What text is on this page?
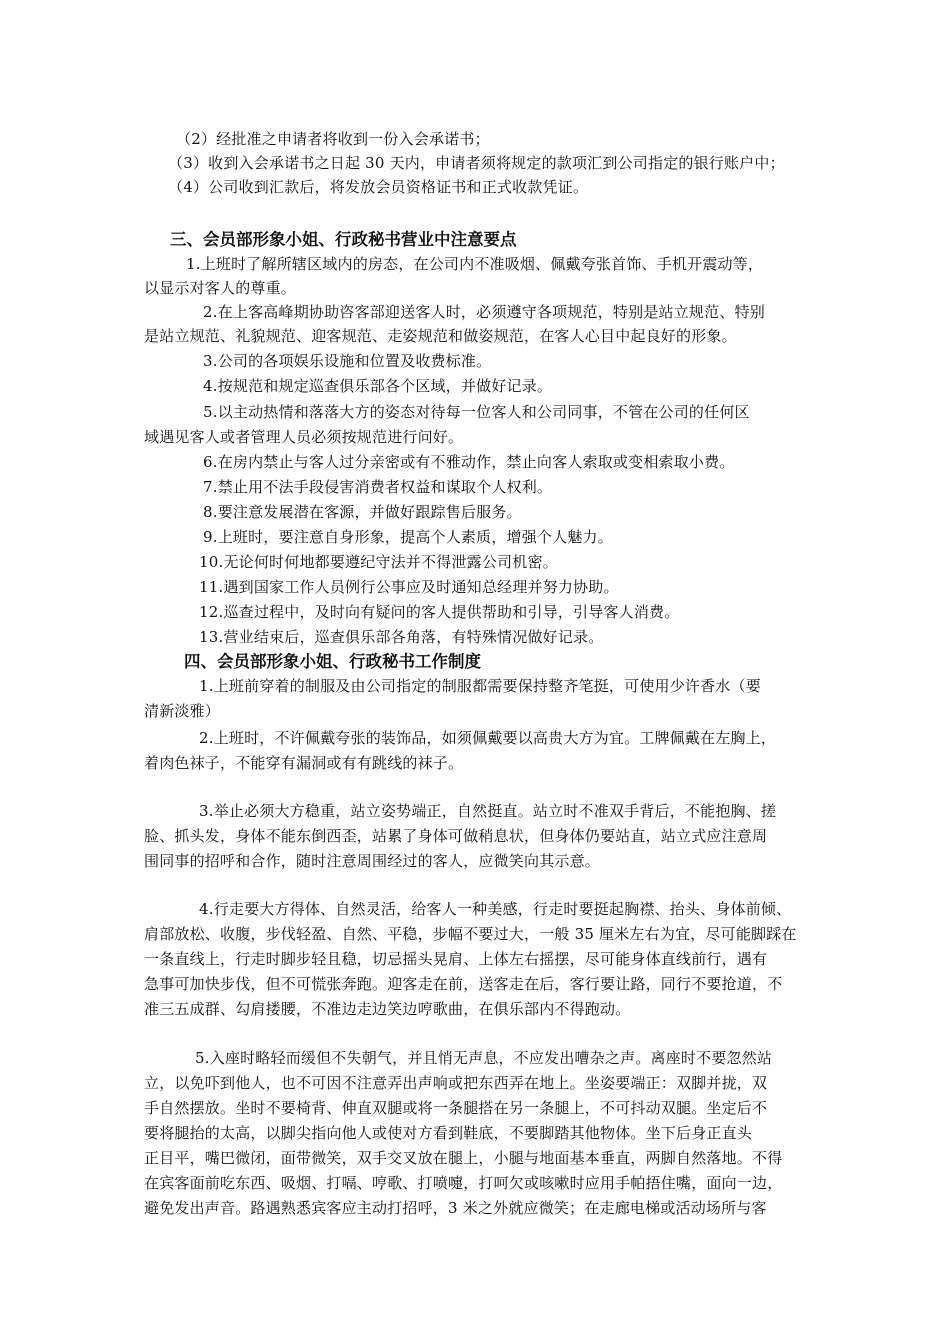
（2）经批准之申请者将收到一份入会承诺书；
（3）收到入会承诺书之日起 30 天内，申请者须将规定的款项汇到公司指定的银行账户中；
（4）公司收到汇款后，将发放会员资格证书和正式收款凭证。
三、会员部形象小姐、行政秘书营业中注意要点
1.上班时了解所辖区域内的房态，在公司内不准吸烟、佩戴夸张首饰、手机开震动等，
以显示对客人的尊重。
2.在上客高峰期协助咨客部迎送客人时，必须遵守各项规范，特别是站立规范、特别
是站立规范、礼貌规范、迎客规范、走姿规范和做姿规范，在客人心目中起良好的形象。
3.公司的各项娱乐设施和位置及收费标准。
4.按规范和规定巡查俱乐部各个区域，并做好记录。
5.以主动热情和落落大方的姿态对待每一位客人和公司同事，不管在公司的任何区
域遇见客人或者管理人员必须按规范进行问好。
6.在房内禁止与客人过分亲密或有不雅动作，禁止向客人索取或变相索取小费。
7.禁止用不法手段侵害消费者权益和谋取个人权利。
8.要注意发展潜在客源，并做好跟踪售后服务。
9.上班时，要注意自身形象，提高个人素质，增强个人魅力。
10.无论何时何地都要遵纪守法并不得泄露公司机密。
11.遇到国家工作人员例行公事应及时通知总经理并努力协助。
12.巡查过程中，及时向有疑问的客人提供帮助和引导，引导客人消费。
13.营业结束后，巡查俱乐部各角落，有特殊情况做好记录。
四、会员部形象小姐、行政秘书工作制度
1.上班前穿着的制服及由公司指定的制服都需要保持整齐笔挺，可使用少许香水（要
清新淡雅）
2.上班时，不许佩戴夸张的装饰品，如须佩戴要以高贵大方为宜。工牌佩戴在左胸上，
着肉色袜子，不能穿有漏洞或有有跳线的袜子。
3.举止必须大方稳重，站立姿势端正，自然挺直。站立时不准双手背后，不能抱胸、搓
脸、抓头发，身体不能东倒西歪，站累了身体可做稍息状，但身体仍要站直，站立式应注意周
围同事的招呼和合作，随时注意周围经过的客人，应微笑向其示意。
4.行走要大方得体、自然灵活，给客人一种美感，行走时要挺起胸襟、抬头、身体前倾、
肩部放松、收腹，步伐轻盈、自然、平稳，步幅不要过大，一般 35 厘米左右为宜，尽可能脚踩在
一条直线上，行走时脚步轻且稳，切忌摇头晃肩、上体左右摇摆，尽可能身体直线前行，遇有
急事可加快步伐，但不可慌张奔跑。迎客走在前，送客走在后，客行要让路，同行不要抢道，不
准三五成群、勾肩搂腰，不准边走边笑边哼歌曲，在俱乐部内不得跑动。
5.入座时略轻而缓但不失朝气，并且悄无声息，不应发出嘈杂之声。离座时不要忽然站
立，以免吓到他人，也不可因不注意弄出声响或把东西弄在地上。坐姿要端正：双脚并拢，双
手自然摆放。坐时不要椅背、伸直双腿或将一条腿搭在另一条腿上，不可抖动双腿。坐定后不
要将腿抬的太高，以脚尖指向他人或使对方看到鞋底，不要脚踏其他物体。坐下后身正直头
正目平，嘴巴微闭，面带微笑，双手交叉放在腿上，小腿与地面基本垂直，两脚自然落地。不得
在宾客面前吃东西、吸烟、打嗝、哼歌、打喷嚏，打呵欠或咳嗽时应用手帕捂住嘴，面向一边，
避免发出声音。路遇熟悉宾客应主动打招呼，3 米之外就应微笑；在走廊电梯或活动场所与客
